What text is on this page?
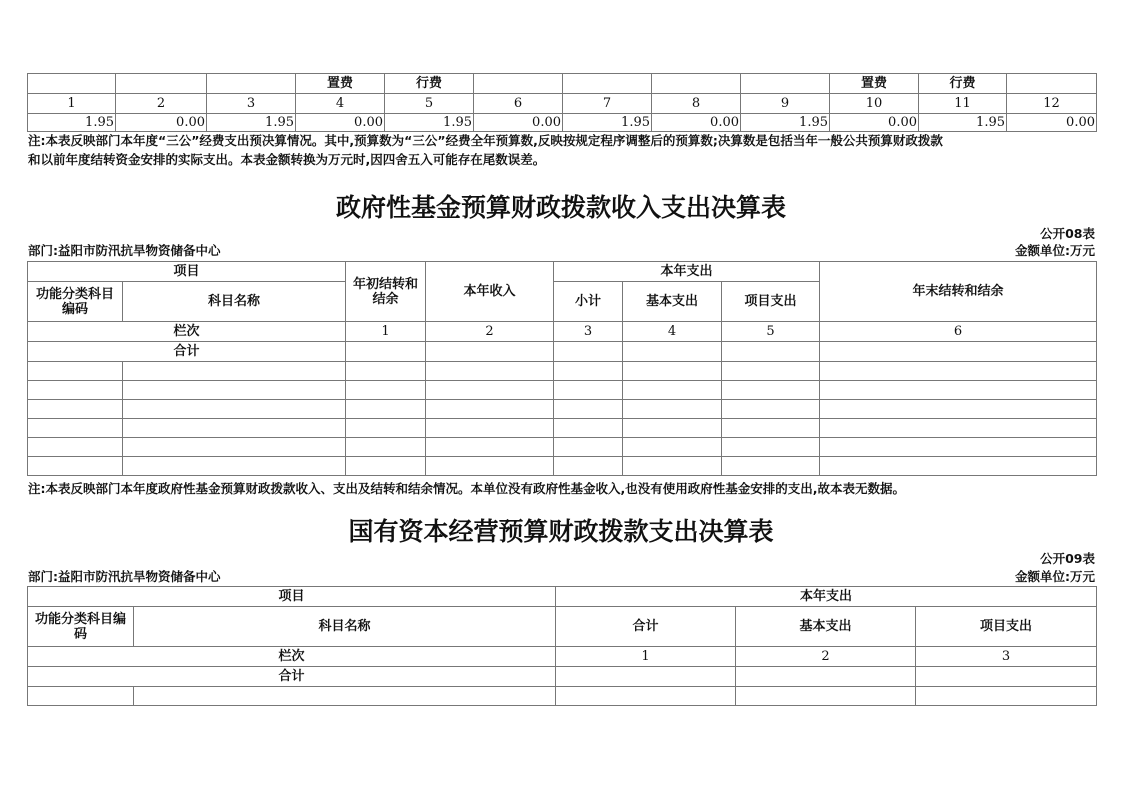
			置费	行费					置费	行费	
1	2	3	4	5	6	7	8	9	10	11	12
1.95	0.00	1.95	0.00	1.95	0.00	1.95	0.00	1.95	0.00	1.95	0.00
注:本表反映部门本年度“三公”经费支出预决算情况。其中,预算数为“三公”经费全年预算数,反映按规定程序调整后的预算数;决算数是包括当年一般公共预算财政拨款
和以前年度结转资金安排的实际支出。本表金额转换为万元时,因四舍五入可能存在尾数误差。
政府性基金预算财政拨款收入支出决算表
公开08表
部门:益阳市防汛抗旱物资储备中心	金额单位:万元
项目		年初结转和结余	本年收入	本年支出			年末结转和结余
功能分类科目编码	科目名称			小计	基本支出	项目支出	
栏次		1	2	3	4	5	6
合计							

注:本表反映部门本年度政府性基金预算财政拨款收入、支出及结转和结余情况。本单位没有政府性基金收入,也没有使用政府性基金安排的支出,故本表无数据。
国有资本经营预算财政拨款支出决算表
公开09表
部门:益阳市防汛抗旱物资储备中心	金额单位:万元
项目		本年支出		
功能分类科目编码	科目名称	合计	基本支出	项目支出
栏次		1	2	3
合计				
